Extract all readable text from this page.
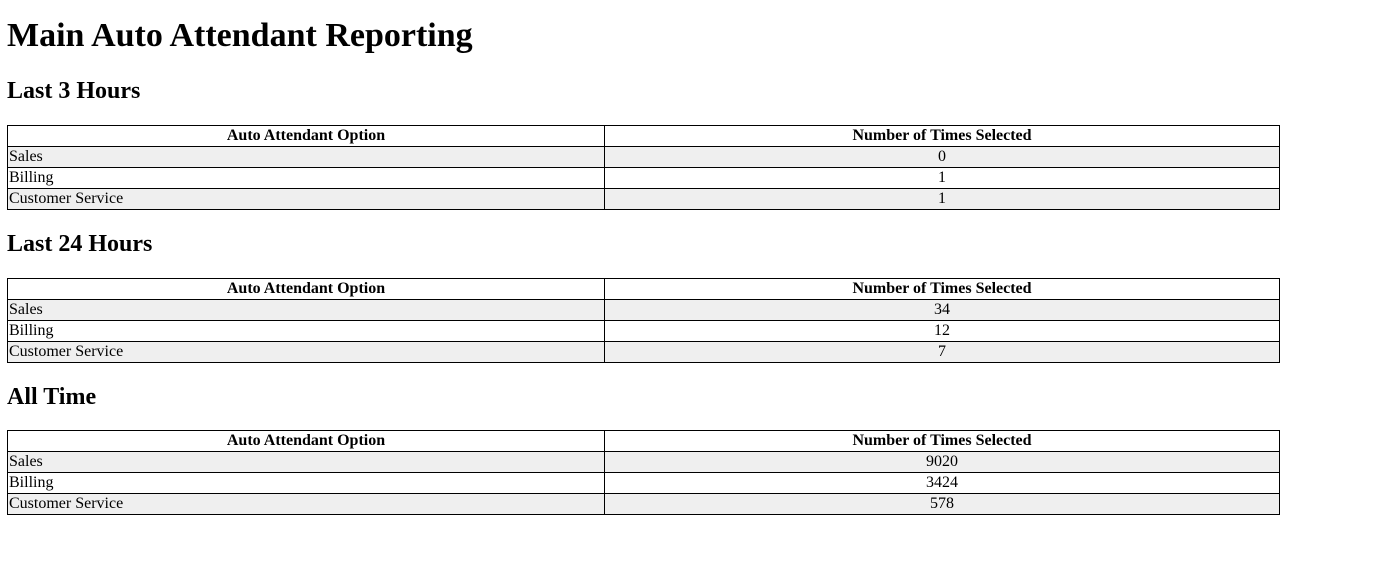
Main Auto Attendant Reporting
Last 3 Hours
Auto Attendant Option	Number of Times Selected
Sales	0
Billing	1
Customer Service	1
Last 24 Hours
Auto Attendant Option	Number of Times Selected
Sales	34
Billing	12
Customer Service	7
All Time
Auto Attendant Option	Number of Times Selected
Sales	9020
Billing	3424
Customer Service	578
